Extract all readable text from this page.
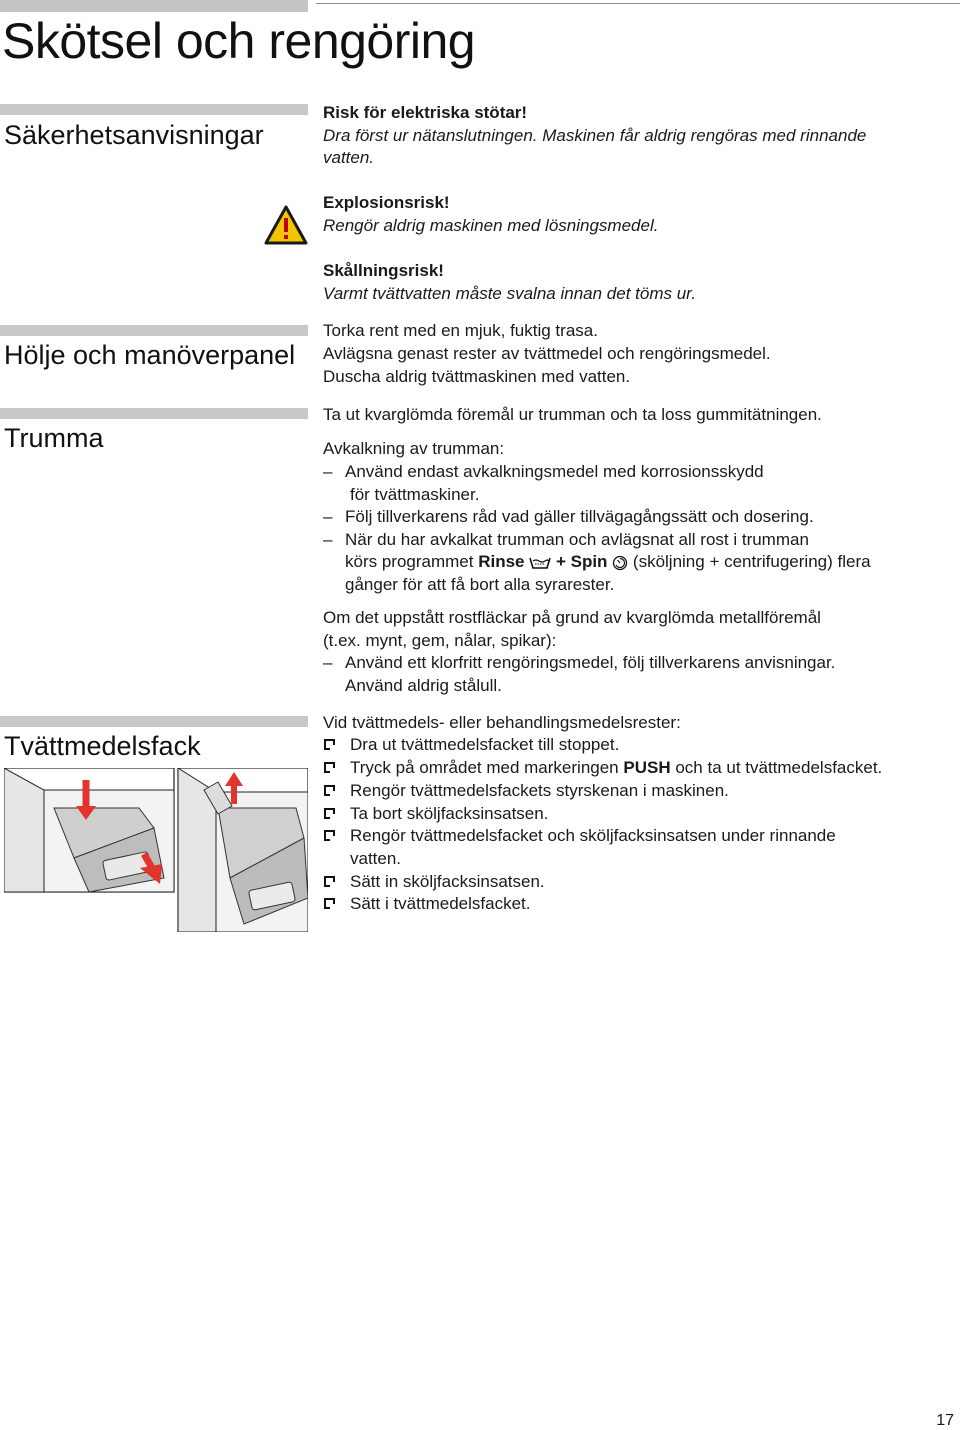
Skötsel och rengöring
Säkerhetsanvisningar

Risk för elektriska stötar!

Dra först ur nätanslutningen. Maskinen får aldrig rengöras med rinnande

vatten.

Explosionsrisk!

Rengör aldrig maskinen med lösningsmedel.

Skållningsrisk!

Varmt tvättvatten måste svalna innan det töms ur.

Hölje och manöverpanel

Torka rent med en mjuk, fuktig trasa.

Avlägsna genast rester av tvättmedel och rengöringsmedel.

Duscha aldrig tvättmaskinen med vatten.

Trumma

Ta ut kvarglömda föremål ur trumman och ta loss gummitätningen.

Avkalkning av trumman:

– Använd endast avkalkningsmedel med korrosionsskydd
för tvättmaskiner.
– Följ tillverkarens råd vad gäller tillvägagångssätt och dosering.
– När du har avkalkat trumman och avlägsnat all rost i trumman
körs programmet Rinse  + Spin  (sköljning + centrifugering) flera
gånger för att få bort alla syrarester.

Om det uppstått rostfläckar på grund av kvarglömda metallföremål

(t.ex. mynt, gem, nålar, spikar):

– Använd ett klorfritt rengöringsmedel, följ tillverkarens anvisningar.
Använd aldrig stålull.
Tvättmedelsfack

Vid tvättmedels- eller behandlingsmedelsrester:

Dra ut tvättmedelsfacket till stoppet.
Tryck på området med markeringen PUSH och ta ut tvättmedelsfacket.
Rengör tvättmedelsfackets styrskenan i maskinen.
Ta bort sköljfacksinsatsen.
Rengör tvättmedelsfacket och sköljfacksinsatsen under rinnande
vatten.
Sätt in sköljfacksinsatsen.
Sätt i tvättmedelsfacket.
17
